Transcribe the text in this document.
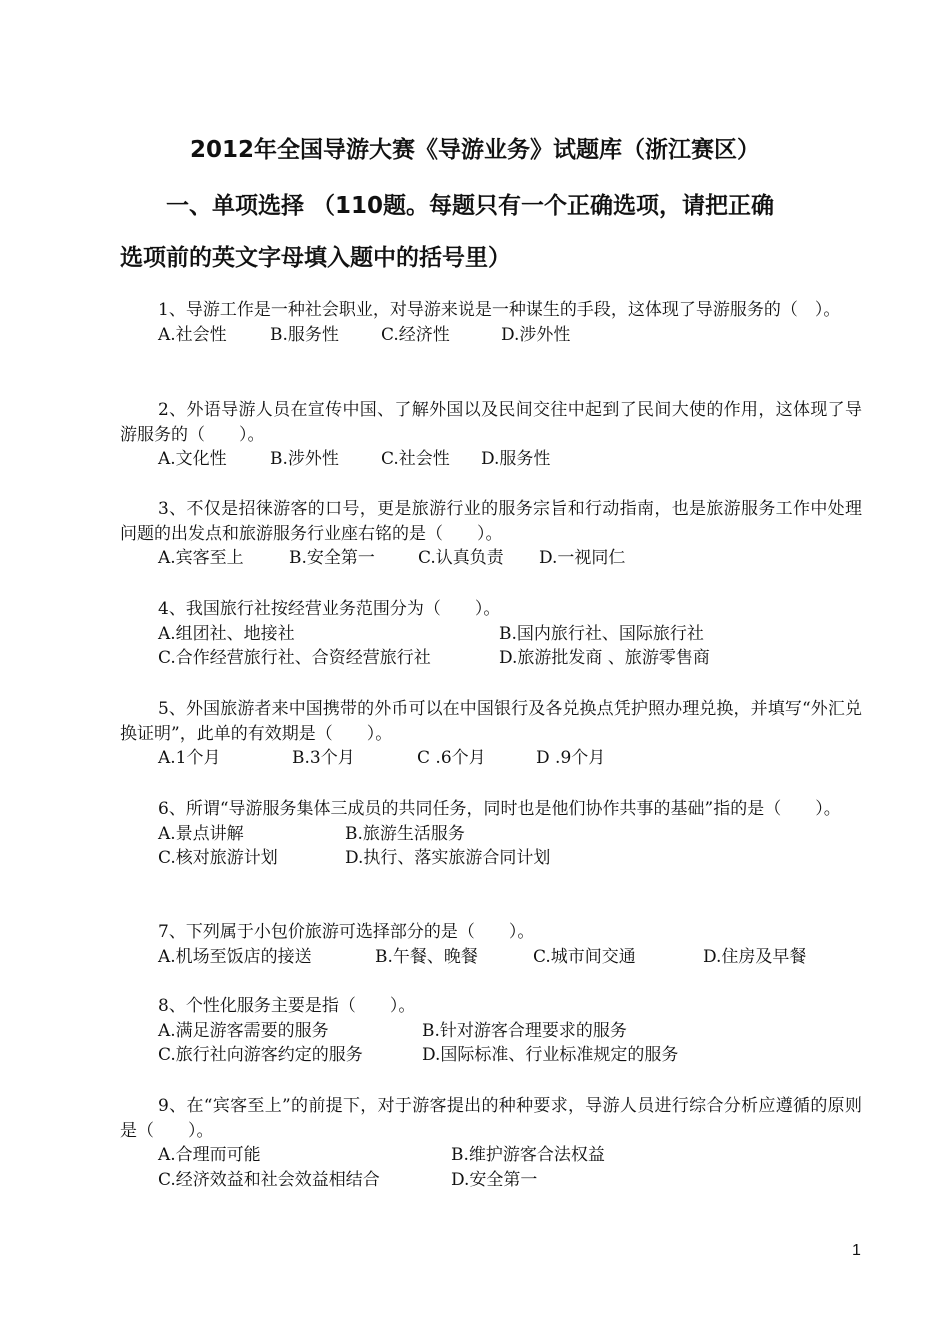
2012年全国导游大赛《导游业务》试题库（浙江赛区）
一、单项选择 （110题。每题只有一个正确选项，请把正确
选项前的英文字母填入题中的括号里）
1、导游工作是一种社会职业，对导游来说是一种谋生的手段，这体现了导游服务的（　）。
A.社会性	B.服务性 C.经济性	D.涉外性
2、外语导游人员在宣传中国、了解外国以及民间交往中起到了民间大使的作用，这体现了导游服务的（　　）。
A.文化性	B.涉外性 C.社会性 D.服务性
3、不仅是招徕游客的口号，更是旅游行业的服务宗旨和行动指南，也是旅游服务工作中处理问题的出发点和旅游服务行业座右铭的是（　　）。
A.宾客至上	B.安全第一	C.认真负责 D.一视同仁
4、我国旅行社按经营业务范围分为（　　）。
A.组团社、地接社	B.国内旅行社、国际旅行社
C.合作经营旅行社、合资经营旅行社	D.旅游批发商 、旅游零售商
5、外国旅游者来中国携带的外币可以在中国银行及各兑换点凭护照办理兑换，并填写“外汇兑换证明”，此单的有效期是（　　）。
A.1个月	B.3个月	C .6个月	D .9个月
6、所谓“导游服务集体三成员的共同任务，同时也是他们协作共事的基础”指的是（　　）。
A.景点讲解	B.旅游生活服务
C.核对旅游计划	D.执行、落实旅游合同计划
7、下列属于小包价旅游可选择部分的是（　　）。
A.机场至饭店的接送	B.午餐、晚餐	C.城市间交通	D.住房及早餐
8、个性化服务主要是指（　　）。
A.满足游客需要的服务	B.针对游客合理要求的服务
C.旅行社向游客约定的服务	D.国际标准、行业标准规定的服务
9、在“宾客至上”的前提下，对于游客提出的种种要求，导游人员进行综合分析应遵循的原则是（　　）。
A.合理而可能	B.维护游客合法权益
C.经济效益和社会效益相结合	D.安全第一
1
